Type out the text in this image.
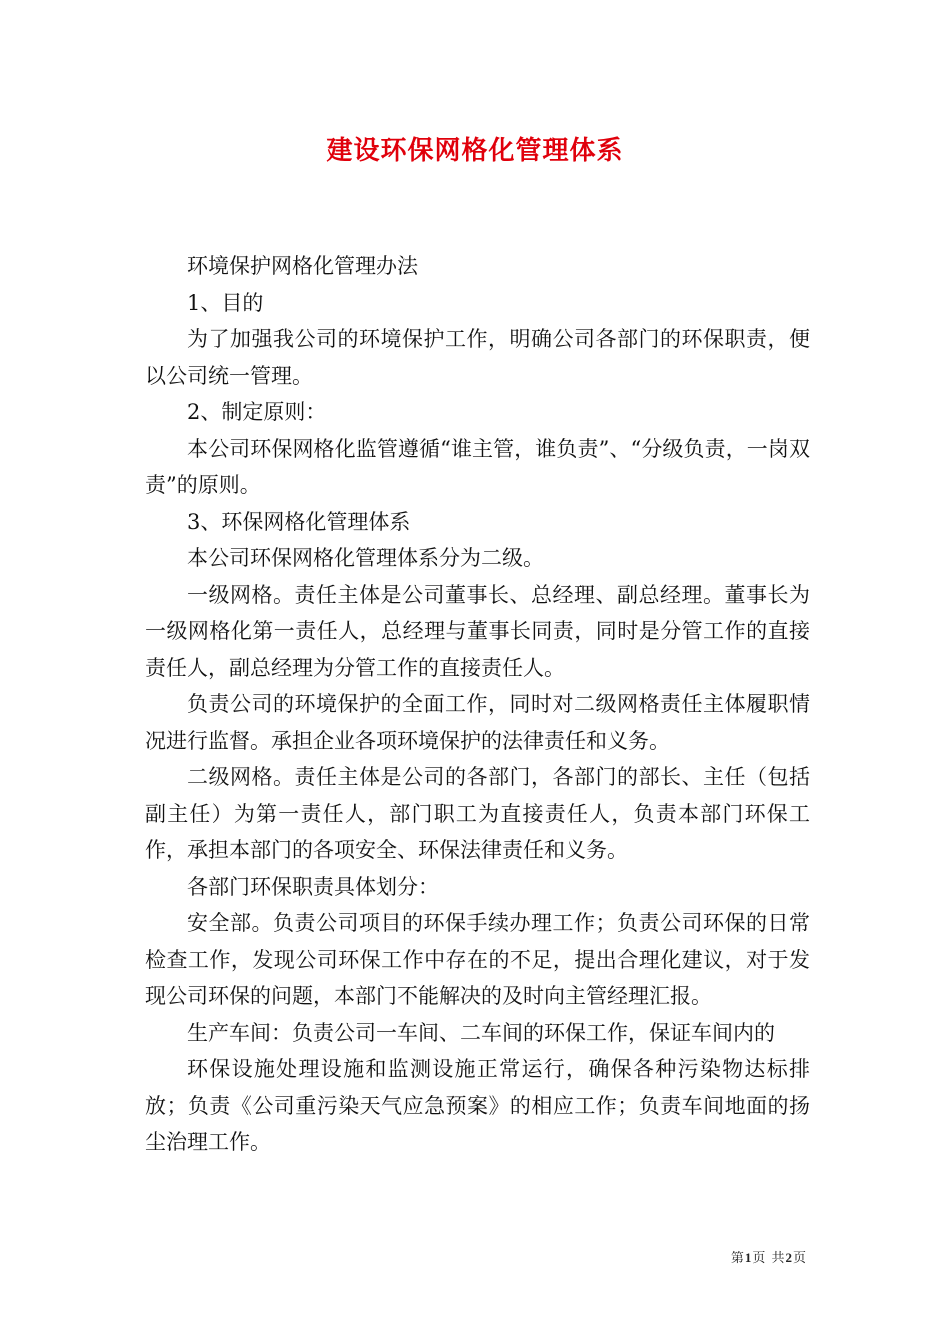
建设环保网格化管理体系

环境保护网格化管理办法

1、目的

为了加强我公司的环境保护工作，明确公司各部门的环保职责，便以公司统一管理。

2、制定原则：

本公司环保网格化监管遵循“谁主管，谁负责”、“分级负责，一岗双责”的原则。

3、环保网格化管理体系

本公司环保网格化管理体系分为二级。

一级网格。责任主体是公司董事长、总经理、副总经理。董事长为一级网格化第一责任人，总经理与董事长同责，同时是分管工作的直接责任人，副总经理为分管工作的直接责任人。

负责公司的环境保护的全面工作，同时对二级网格责任主体履职情况进行监督。承担企业各项环境保护的法律责任和义务。

二级网格。责任主体是公司的各部门，各部门的部长、主任（包括副主任）为第一责任人，部门职工为直接责任人，负责本部门环保工作，承担本部门的各项安全、环保法律责任和义务。

各部门环保职责具体划分：

安全部。负责公司项目的环保手续办理工作；负责公司环保的日常检查工作，发现公司环保工作中存在的不足，提出合理化建议，对于发现公司环保的问题，本部门不能解决的及时向主管经理汇报。

生产车间：负责公司一车间、二车间的环保工作，保证车间内的

环保设施处理设施和监测设施正常运行，确保各种污染物达标排放；负责《公司重污染天气应急预案》的相应工作；负责车间地面的扬尘治理工作。

第1页 共2页
